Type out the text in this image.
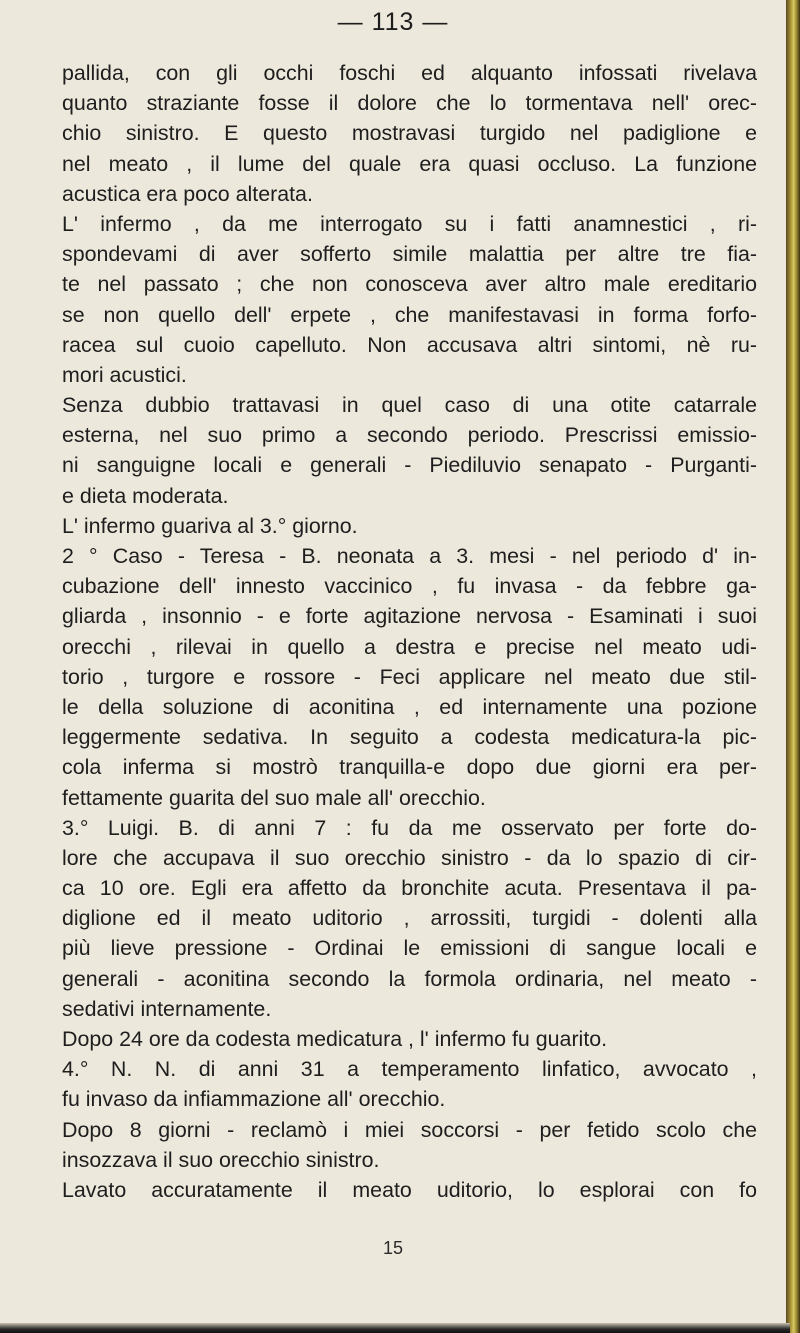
— 113 —
pallida, con gli occhi foschi ed alquanto infossati rivelava
quanto straziante fosse il dolore che lo tormentava nell' orec-
chio sinistro. E questo mostravasi turgido nel padiglione e
nel meato , il lume del quale era quasi occluso. La funzione
acustica era poco alterata.
L' infermo , da me interrogato su i fatti anamnestici , ri-
spondevami di aver sofferto simile malattia per altre tre fia-
te nel passato ; che non conosceva aver altro male ereditario
se non quello dell' erpete , che manifestavasi in forma forfo-
racea sul cuoio capelluto. Non accusava altri sintomi, nè ru-
mori acustici.
Senza dubbio trattavasi in quel caso di una otite catarrale
esterna, nel suo primo a secondo periodo. Prescrissi emissio-
ni sanguigne locali e generali - Piediluvio senapato - Purganti-
e dieta moderata.
L' infermo guariva al 3.° giorno.
2 ° Caso - Teresa - B. neonata a 3. mesi - nel periodo d' in-
cubazione dell' innesto vaccinico , fu invasa - da febbre ga-
gliarda , insonnio - e forte agitazione nervosa - Esaminati i suoi
orecchi , rilevai in quello a destra e precise nel meato udi-
torio , turgore e rossore - Feci applicare nel meato due stil-
le della soluzione di aconitina , ed internamente una pozione
leggermente sedativa. In seguito a codesta medicatura-la pic-
cola inferma si mostrò tranquilla-e dopo due giorni era per-
fettamente guarita del suo male all' orecchio.
3.° Luigi. B. di anni 7 : fu da me osservato per forte do-
lore che accupava il suo orecchio sinistro - da lo spazio di cir-
ca 10 ore. Egli era affetto da bronchite acuta. Presentava il pa-
diglione ed il meato uditorio , arrossiti, turgidi - dolenti alla
più lieve pressione - Ordinai le emissioni di sangue locali e
generali - aconitina secondo la formola ordinaria, nel meato -
sedativi internamente.
Dopo 24 ore da codesta medicatura , l' infermo fu guarito.
4.° N. N. di anni 31 a temperamento linfatico, avvocato ,
fu invaso da infiammazione all' orecchio.
Dopo 8 giorni - reclamò i miei soccorsi - per fetido scolo che
insozzava il suo orecchio sinistro.
Lavato accuratamente il meato uditorio, lo esplorai con fo
15
